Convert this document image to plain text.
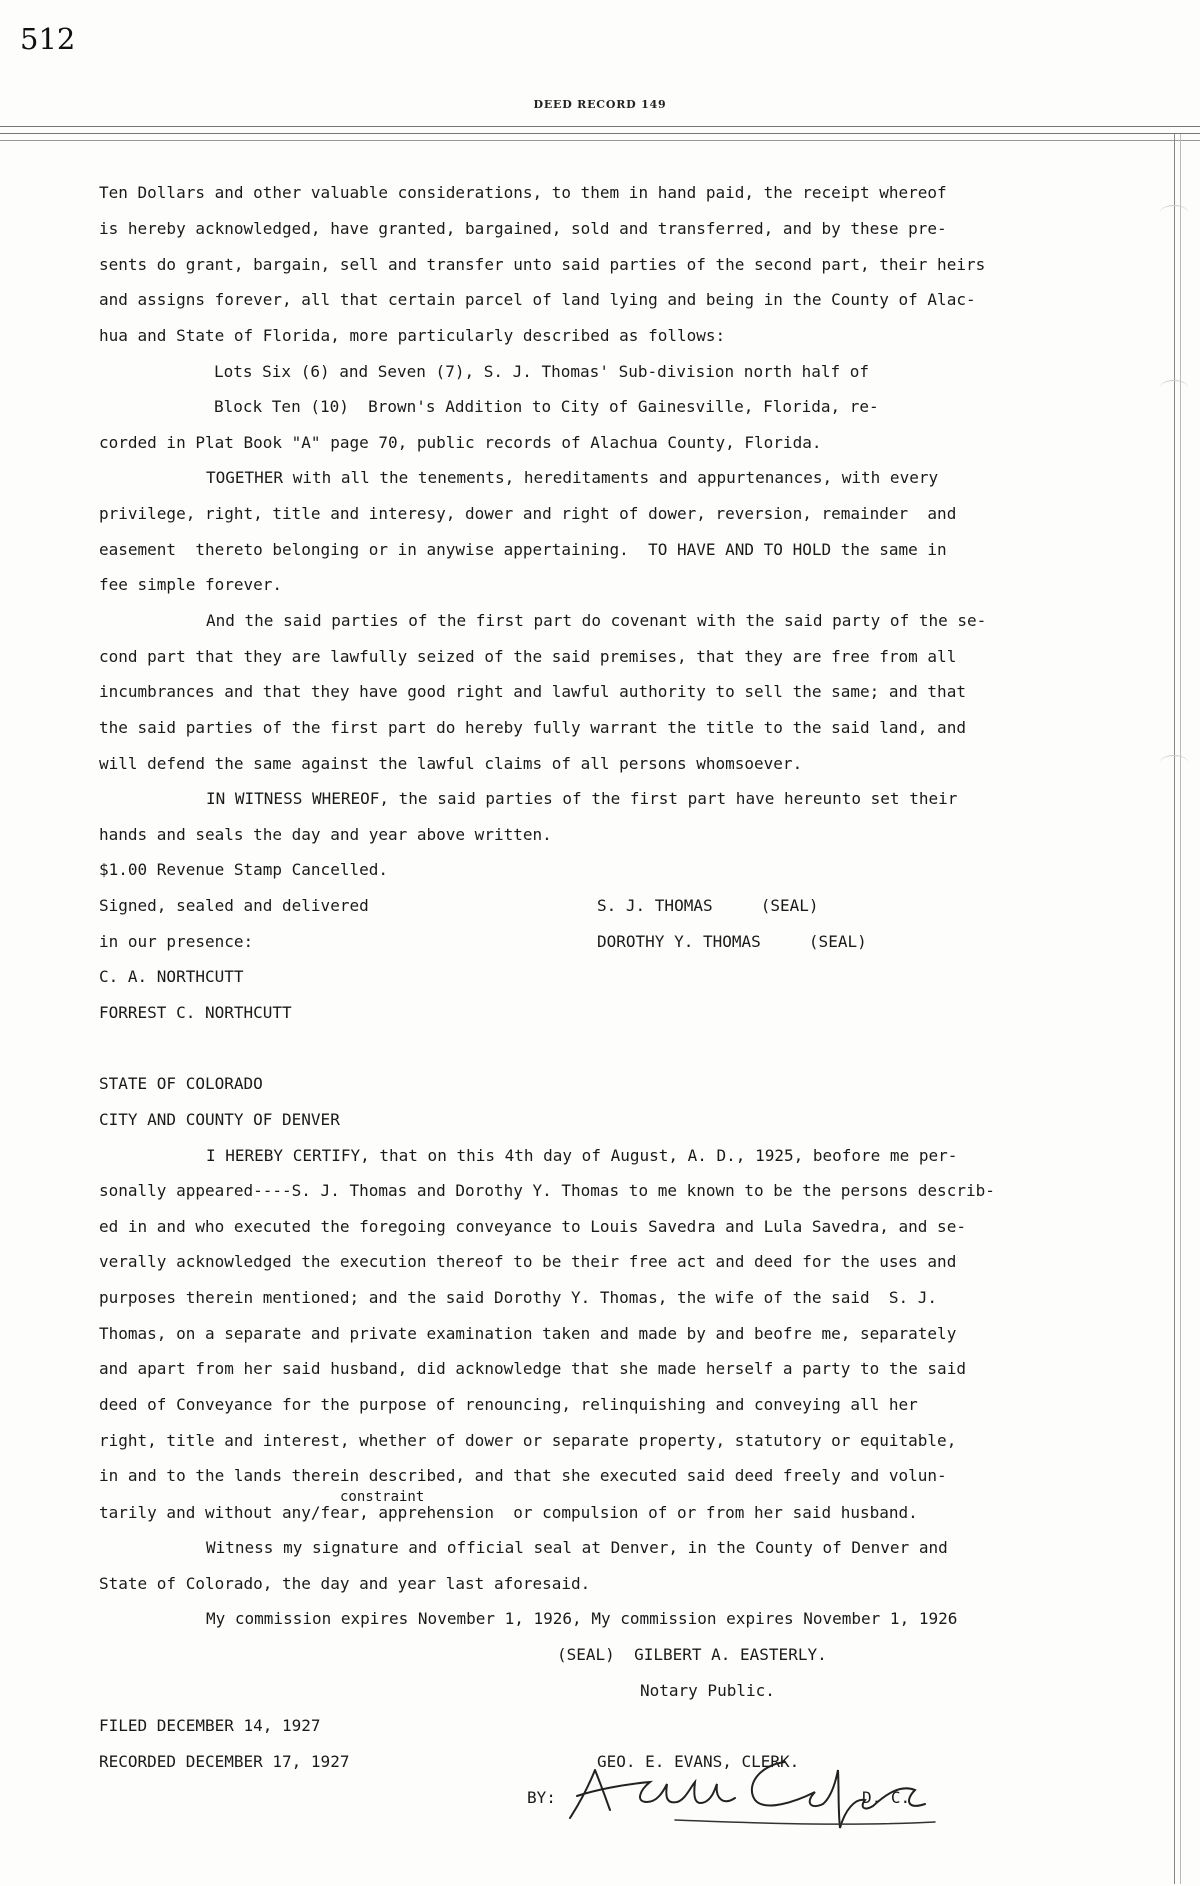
512
DEED RECORD 149
Ten Dollars and other valuable considerations, to them in hand paid, the receipt whereof
is hereby acknowledged, have granted, bargained, sold and transferred, and by these pre-
sents do grant, bargain, sell and transfer unto said parties of the second part, their heirs
and assigns forever, all that certain parcel of land lying and being in the County of Alac-
hua and State of Florida, more particularly described as follows:
Lots Six (6) and Seven (7), S. J. Thomas' Sub-division north half of
Block Ten (10)  Brown's Addition to City of Gainesville, Florida, re-
corded in Plat Book "A" page 70, public records of Alachua County, Florida.
TOGETHER with all the tenements, hereditaments and appurtenances, with every
privilege, right, title and interesy, dower and right of dower, reversion, remainder  and
easement  thereto belonging or in anywise appertaining.  TO HAVE AND TO HOLD the same in
fee simple forever.
And the said parties of the first part do covenant with the said party of the se-
cond part that they are lawfully seized of the said premises, that they are free from all
incumbrances and that they have good right and lawful authority to sell the same; and that
the said parties of the first part do hereby fully warrant the title to the said land, and
will defend the same against the lawful claims of all persons whomsoever.
IN WITNESS WHEREOF, the said parties of the first part have hereunto set their
hands and seals the day and year above written.
$1.00 Revenue Stamp Cancelled.
Signed, sealed and delivered
in our presence:
C. A. NORTHCUTT
FORREST C. NORTHCUTT
S. J. THOMAS     (SEAL)
DOROTHY Y. THOMAS     (SEAL)
STATE OF COLORADO
CITY AND COUNTY OF DENVER
I HEREBY CERTIFY, that on this 4th day of August, A. D., 1925, beofore me per-
sonally appeared----S. J. Thomas and Dorothy Y. Thomas to me known to be the persons describ-
ed in and who executed the foregoing conveyance to Louis Savedra and Lula Savedra, and se-
verally acknowledged the execution thereof to be their free act and deed for the uses and
purposes therein mentioned; and the said Dorothy Y. Thomas, the wife of the said  S. J.
Thomas, on a separate and private examination taken and made by and beofre me, separately
and apart from her said husband, did acknowledge that she made herself a party to the said
deed of Conveyance for the purpose of renouncing, relinquishing and conveying all her
right, title and interest, whether of dower or separate property, statutory or equitable,
in and to the lands therein described, and that she executed said deed freely and volun-
constraint
tarily and without any/fear, apprehension  or compulsion of or from her said husband.
Witness my signature and official seal at Denver, in the County of Denver and
State of Colorado, the day and year last aforesaid.
My commission expires November 1, 1926, My commission expires November 1, 1926
(SEAL)  GILBERT A. EASTERLY.
Notary Public.
FILED DECEMBER 14, 1927
RECORDED DECEMBER 17, 1927	GEO. E. EVANS, CLERK.
BY:	D. C.
